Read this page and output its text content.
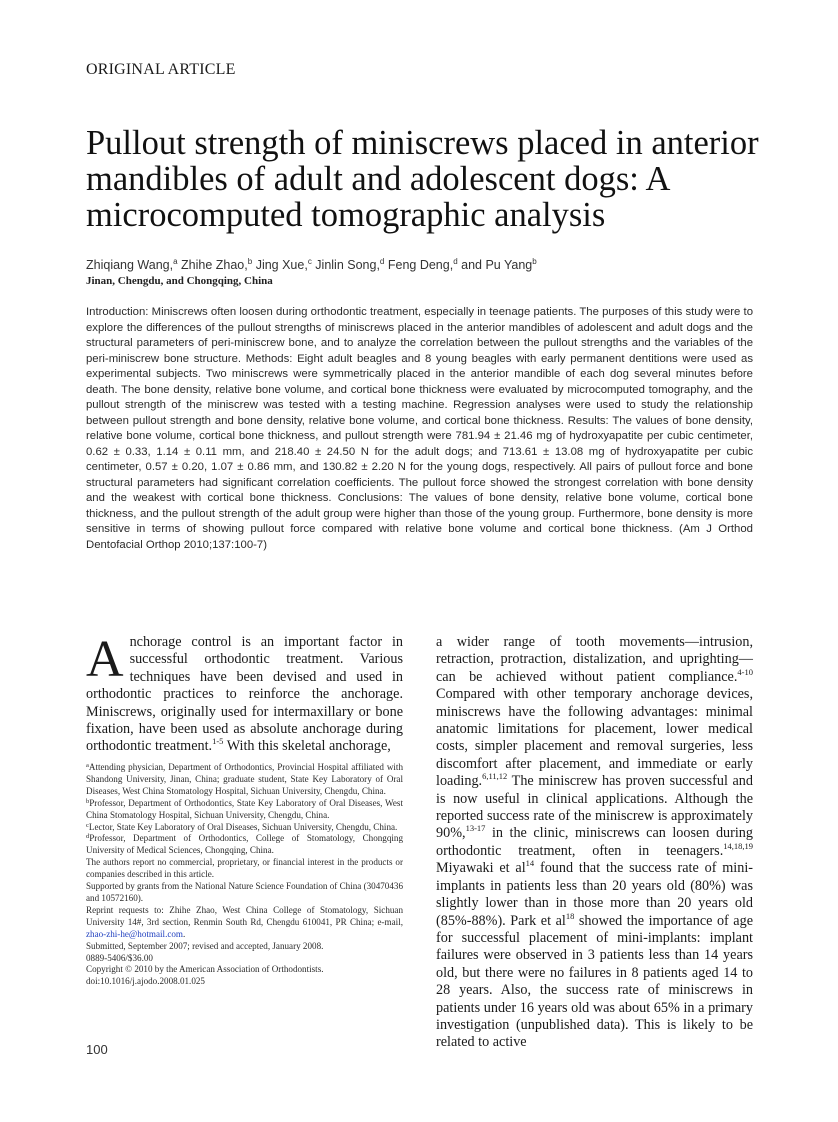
ORIGINAL ARTICLE
Pullout strength of miniscrews placed in anterior mandibles of adult and adolescent dogs: A microcomputed tomographic analysis
Zhiqiang Wang,$^a$ Zhihe Zhao,$^b$ Jing Xue,$^c$ Jinlin Song,$^d$ Feng Deng,$^d$ and Pu Yang$^b$
Jinan, Chengdu, and Chongqing, China

Introduction: Miniscrews often loosen during orthodontic treatment, especially in teenage patients. The purposes of this study were to explore the differences of the pullout strengths of miniscrews placed in the anterior mandibles of adolescent and adult dogs and the structural parameters of peri-miniscrew bone, and to analyze the correlation between the pullout strengths and the variables of the peri-miniscrew bone structure. Methods: Eight adult beagles and 8 young beagles with early permanent dentitions were used as experimental subjects. Two miniscrews were symmetrically placed in the anterior mandible of each dog several minutes before death. The bone density, relative bone volume, and cortical bone thickness were evaluated by microcomputed tomography, and the pullout strength of the miniscrew was tested with a testing machine. Regression analyses were used to study the relationship between pullout strength and bone density, relative bone volume, and cortical bone thickness. Results: The values of bone density, relative bone volume, cortical bone thickness, and pullout strength were 781.94 ± 21.46 mg of hydroxyapatite per cubic centimeter, 0.62 ± 0.33, 1.14 ± 0.11 mm, and 218.40 ± 24.50 N for the adult dogs; and 713.61 ± 13.08 mg of hydroxyapatite per cubic centimeter, 0.57 ± 0.20, 1.07 ± 0.86 mm, and 130.82 ± 2.20 N for the young dogs, respectively. All pairs of pullout force and bone structural parameters had significant correlation coefficients. The pullout force showed the strongest correlation with bone density and the weakest with cortical bone thickness. Conclusions: The values of bone density, relative bone volume, cortical bone thickness, and the pullout strength of the adult group were higher than those of the young group. Furthermore, bone density is more sensitive in terms of showing pullout force compared with relative bone volume and cortical bone thickness. (Am J Orthod Dentofacial Orthop 2010;137:100-7)

Anchorage control is an important factor in successful orthodontic treatment. Various techniques have been devised and used in orthodontic practices to reinforce the anchorage. Miniscrews, originally used for intermaxillary or bone fixation, have been used as absolute anchorage during orthodontic treatment.$^{1-5}$ With this skeletal anchorage,

$^a$Attending physician, Department of Orthodontics, Provincial Hospital affiliated with Shandong University, Jinan, China; graduate student, State Key Laboratory of Oral Diseases, West China Stomatology Hospital, Sichuan University, Chengdu, China.

$^b$Professor, Department of Orthodontics, State Key Laboratory of Oral Diseases, West China Stomatology Hospital, Sichuan University, Chengdu, China.

$^c$Lector, State Key Laboratory of Oral Diseases, Sichuan University, Chengdu, China.

$^d$Professor, Department of Orthodontics, College of Stomatology, Chongqing University of Medical Sciences, Chongqing, China.

The authors report no commercial, proprietary, or financial interest in the products or companies described in this article.

Supported by grants from the National Nature Science Foundation of China (30470436 and 10572160).

Reprint requests to: Zhihe Zhao, West China College of Stomatology, Sichuan University 14#, 3rd section, Renmin South Rd, Chengdu 610041, PR China; e-mail, zhao-zhi-he@hotmail.com.

Submitted, September 2007; revised and accepted, January 2008.

0889-5406/$36.00

Copyright © 2010 by the American Association of Orthodontists.

doi:10.1016/j.ajodo.2008.01.025

a wider range of tooth movements—intrusion, retraction, protraction, distalization, and uprighting—can be achieved without patient compliance.$^{4-10}$ Compared with other temporary anchorage devices, miniscrews have the following advantages: minimal anatomic limitations for placement, lower medical costs, simpler placement and removal surgeries, less discomfort after placement, and immediate or early loading.$^{6,11,12}$ The miniscrew has proven successful and is now useful in clinical applications. Although the reported success rate of the miniscrew is approximately 90%,$^{13-17}$ in the clinic, miniscrews can loosen during orthodontic treatment, often in teenagers.$^{14,18,19}$ Miyawaki et $al^{14}$ found that the success rate of mini-implants in patients less than 20 years old (80%) was slightly lower than in those more than 20 years old (85%-88%). Park et $al^{18}$ showed the importance of age for successful placement of mini-implants: implant failures were observed in 3 patients less than 14 years old, but there were no failures in 8 patients aged 14 to 28 years. Also, the success rate of miniscrews in patients under 16 years old was about 65% in a primary investigation (unpublished data). This is likely to be related to active

100
